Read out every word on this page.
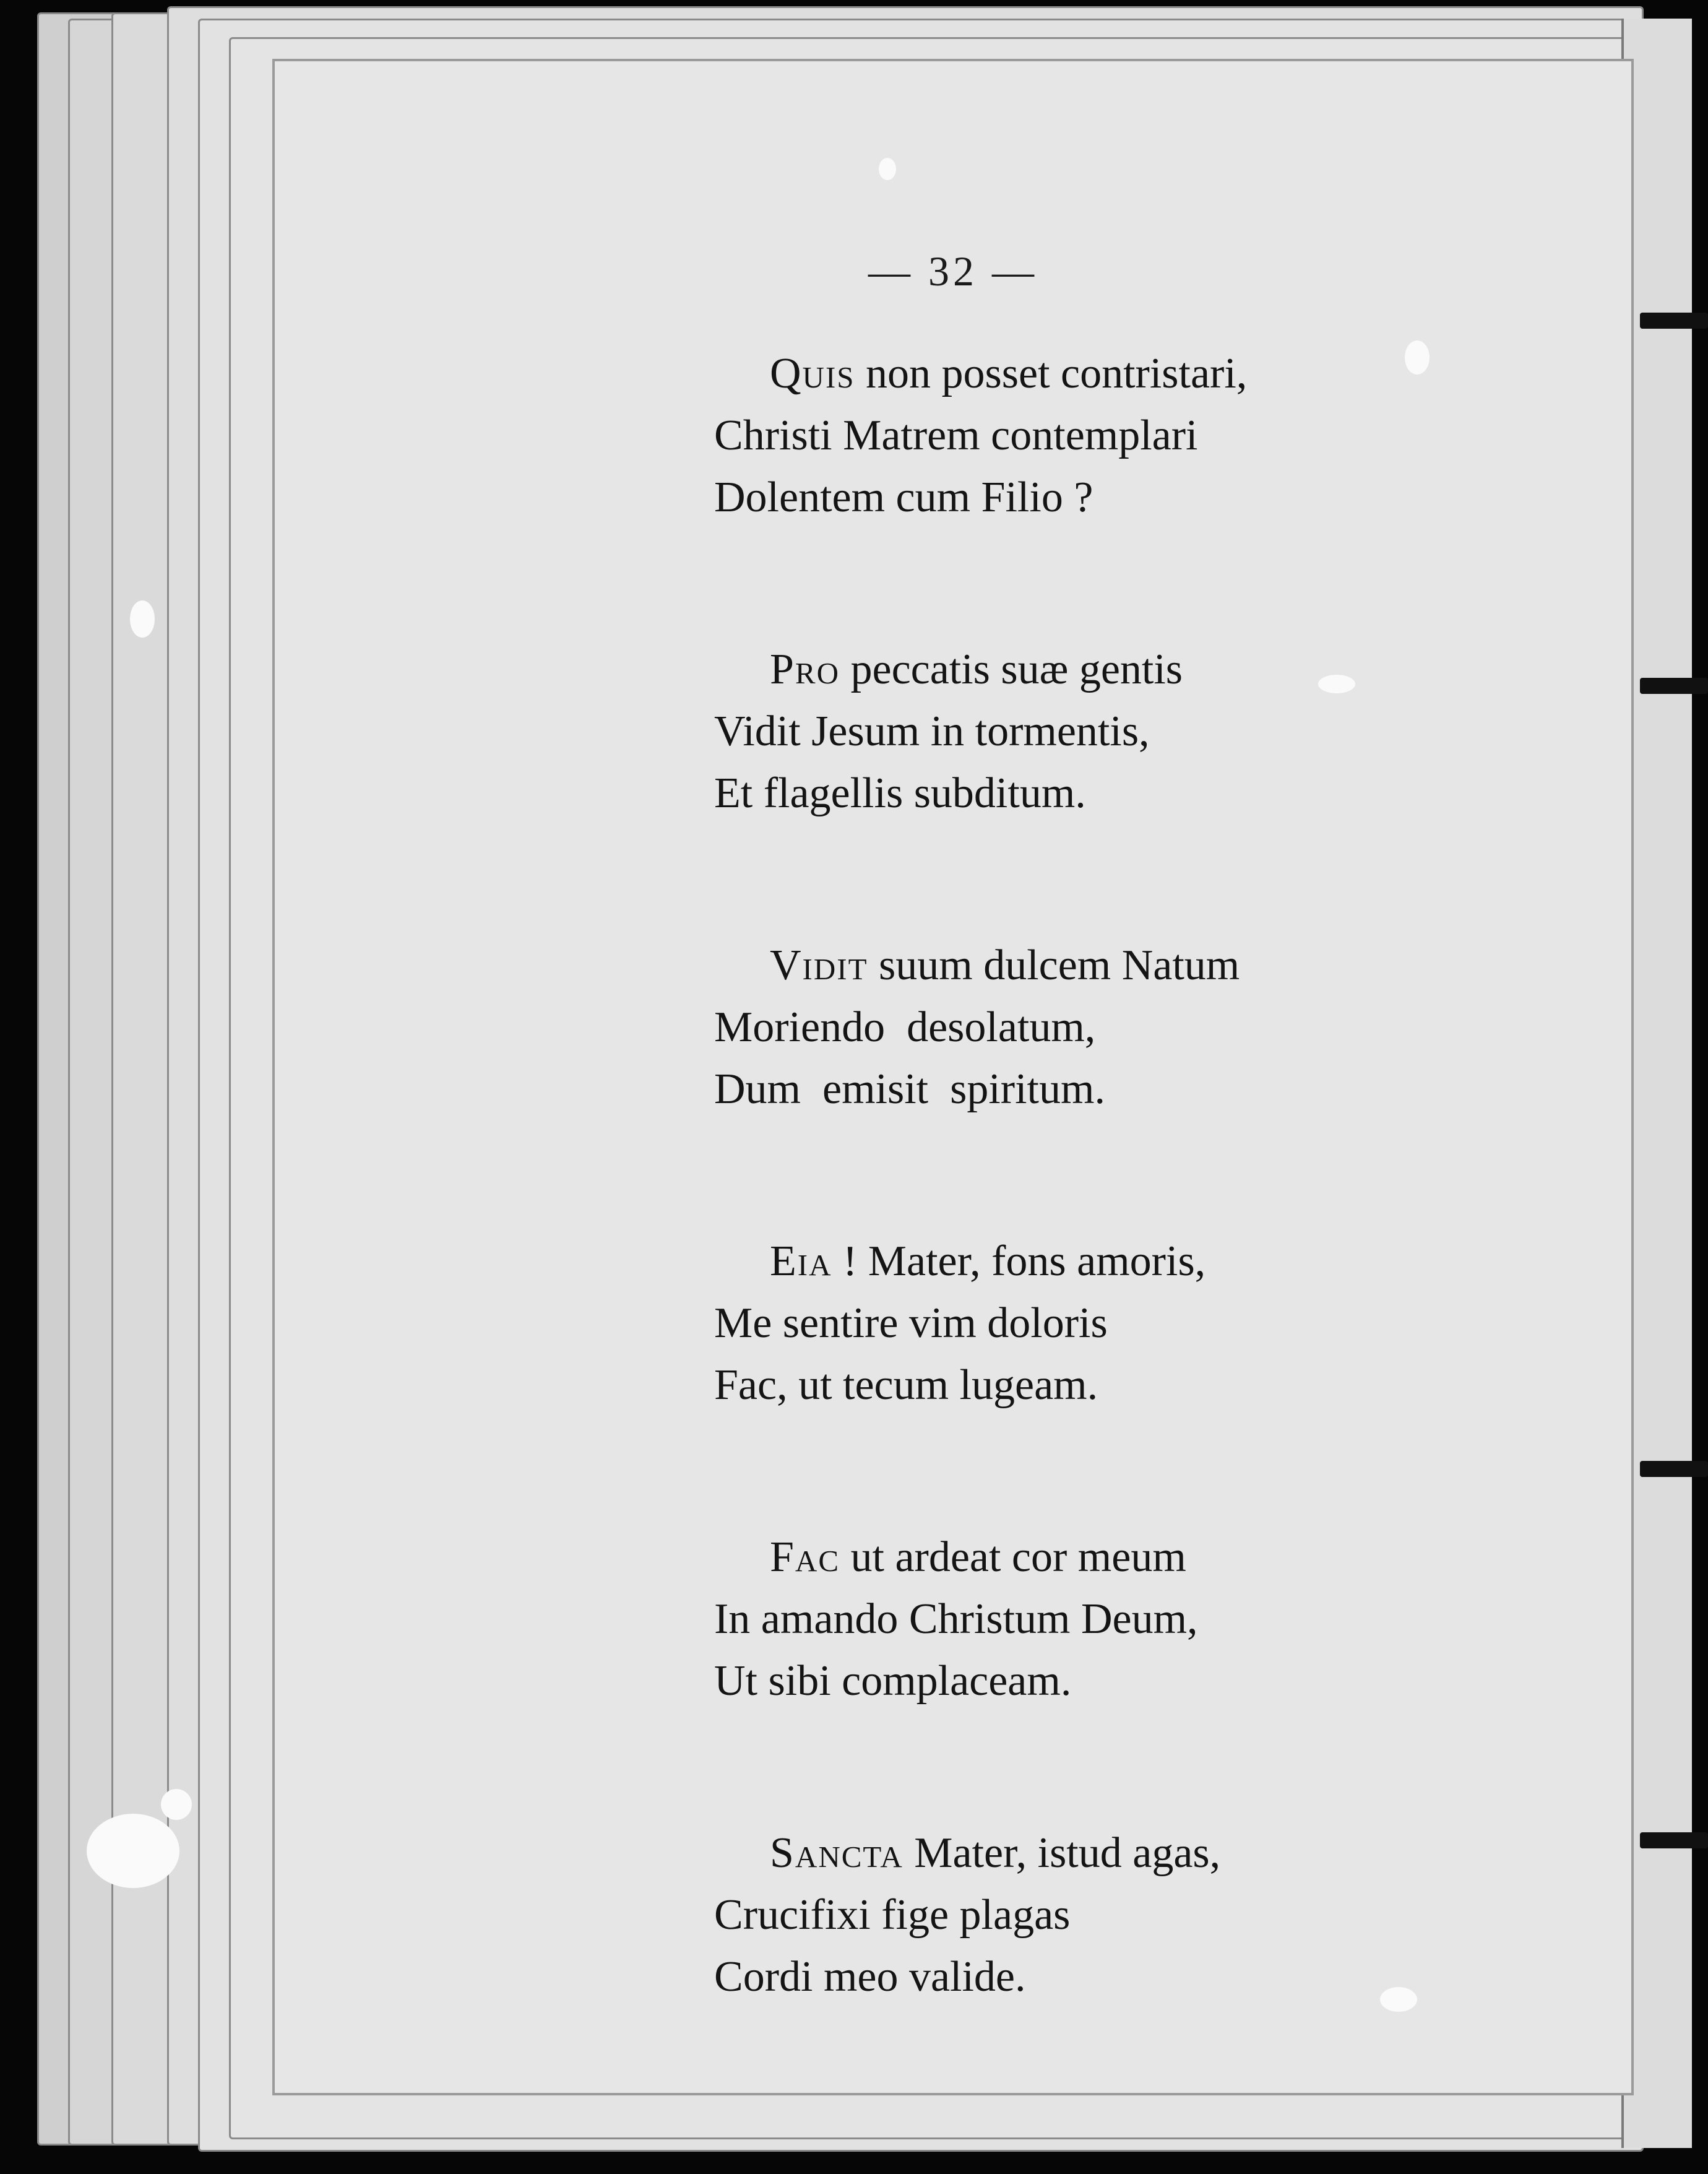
— 32 —
Quis non posset contristari,
Christi Matrem contemplari
Dolentem cum Filio ?
Pro peccatis suæ gentis
Vidit Jesum in tormentis,
Et flagellis subditum.
Vidit suum dulcem Natum
Moriendo  desolatum,
Dum  emisit  spiritum.
Eia ! Mater, fons amoris,
Me sentire vim doloris
Fac, ut tecum lugeam.
Fac ut ardeat cor meum
In amando Christum Deum,
Ut sibi complaceam.
Sancta Mater, istud agas,
Crucifixi fige plagas
Cordi meo valide.
